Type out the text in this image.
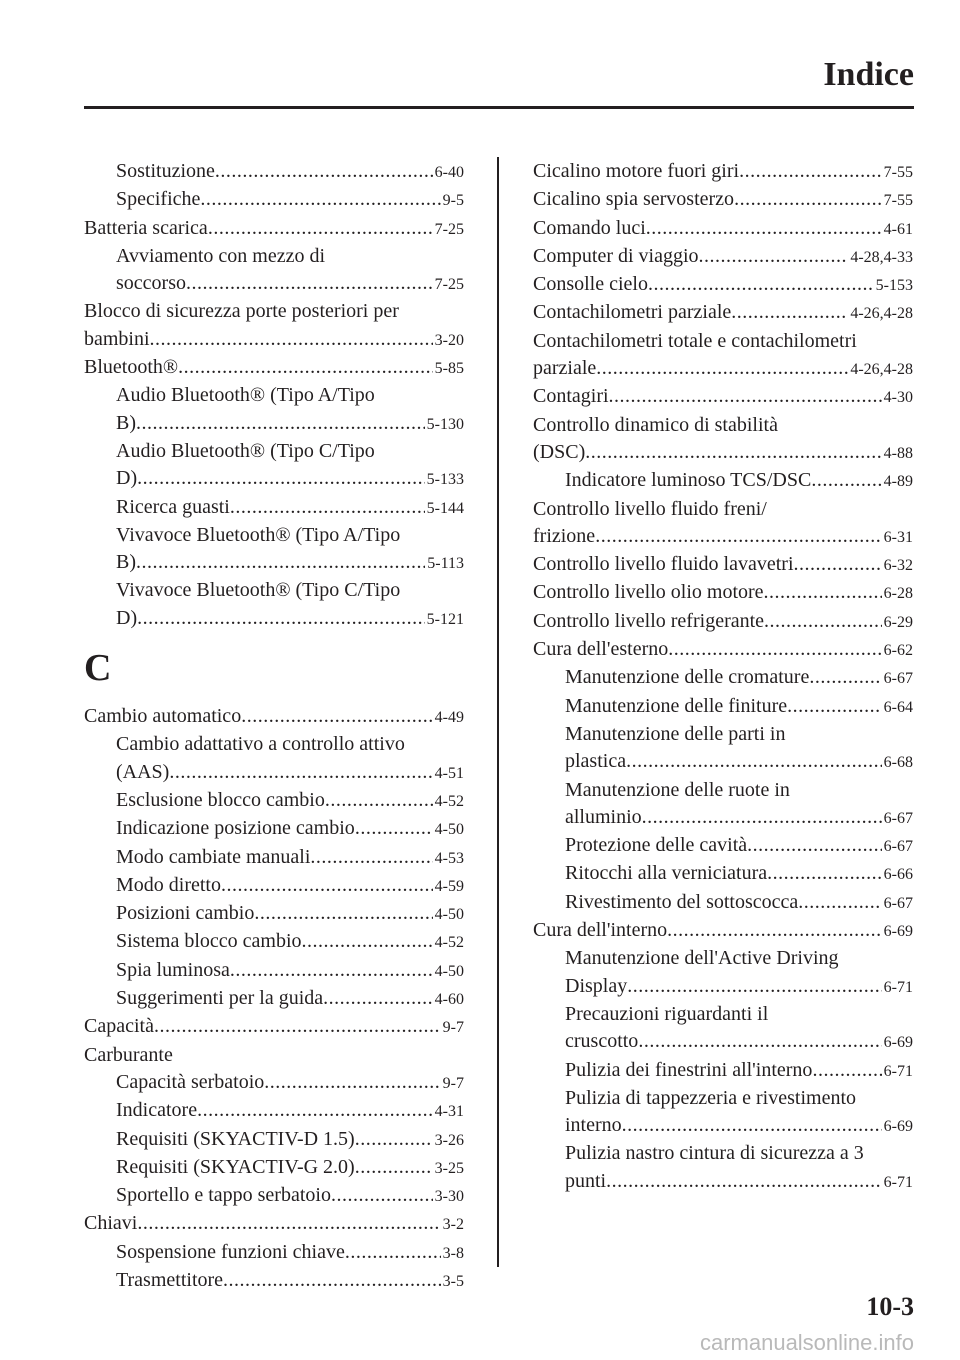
Indice
Sostituzione .....	6-40
Specifiche .....	9-5
Batteria scarica .....	7-25
Avviamento con mezzo di
soccorso .....	7-25
Blocco di sicurezza porte posteriori per
bambini .....	3-20
Bluetooth® .....	5-85
Audio Bluetooth® (Tipo A/Tipo
B) .....	5-130
Audio Bluetooth® (Tipo C/Tipo
D) .....	5-133
Ricerca guasti .....	5-144
Vivavoce Bluetooth® (Tipo A/Tipo
B) .....	5-113
Vivavoce Bluetooth® (Tipo C/Tipo
D) .....	5-121
C
Cambio automatico .....	4-49
Cambio adattativo a controllo attivo
(AAS) .....	4-51
Esclusione blocco cambio .....	4-52
Indicazione posizione cambio .....	4-50
Modo cambiate manuali .....	4-53
Modo diretto .....	4-59
Posizioni cambio .....	4-50
Sistema blocco cambio .....	4-52
Spia luminosa .....	4-50
Suggerimenti per la guida .....	4-60
Capacità .....	9-7
Carburante
Capacità serbatoio .....	9-7
Indicatore .....	4-31
Requisiti (SKYACTIV-D 1.5) .....	3-26
Requisiti (SKYACTIV-G 2.0) .....	3-25
Sportello e tappo serbatoio .....	3-30
Chiavi .....	3-2
Sospensione funzioni chiave .....	3-8
Trasmettitore .....	3-5
Cicalino motore fuori giri .....	7-55
Cicalino spia servosterzo .....	7-55
Comando luci .....	4-61
Computer di viaggio .....	4-28,4-33
Consolle cielo .....	5-153
Contachilometri parziale .....	4-26,4-28
Contachilometri totale e contachilometri
parziale .....	4-26,4-28
Contagiri .....	4-30
Controllo dinamico di stabilità
(DSC) .....	4-88
Indicatore luminoso TCS/DSC .....	4-89
Controllo livello fluido freni/
frizione .....	6-31
Controllo livello fluido lavavetri .....	6-32
Controllo livello olio motore .....	6-28
Controllo livello refrigerante .....	6-29
Cura dell'esterno .....	6-62
Manutenzione delle cromature .....	6-67
Manutenzione delle finiture .....	6-64
Manutenzione delle parti in
plastica .....	6-68
Manutenzione delle ruote in
alluminio .....	6-67
Protezione delle cavità .....	6-67
Ritocchi alla verniciatura .....	6-66
Rivestimento del sottoscocca .....	6-67
Cura dell'interno .....	6-69
Manutenzione dell'Active Driving
Display .....	6-71
Precauzioni riguardanti il
cruscotto .....	6-69
Pulizia dei finestrini all'interno .....	6-71
Pulizia di tappezzeria e rivestimento
interno .....	6-69
Pulizia nastro cintura di sicurezza a 3
punti .....	6-71
10-3
carmanualsonline.info
